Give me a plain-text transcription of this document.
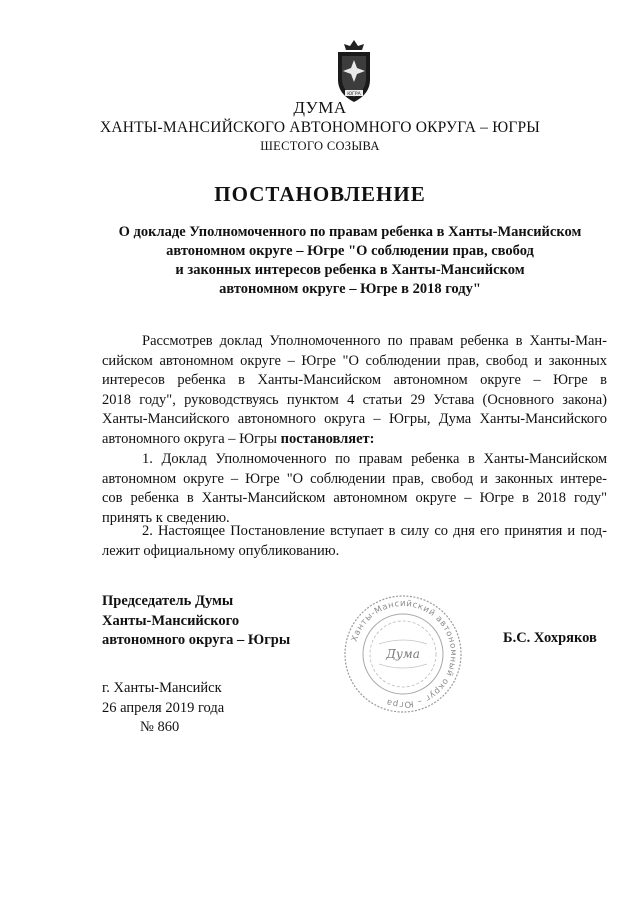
ЮГРА

ДУМА

ХАНТЫ-МАНСИЙСКОГО АВТОНОМНОГО ОКРУГА – ЮГРЫ

ШЕСТОГО СОЗЫВА

ПОСТАНОВЛЕНИЕ

О докладе Уполномоченного по правам ребенка в Ханты-Мансийском
автономном округе – Югре "О соблюдении прав, свобод
и законных интересов ребенка в Ханты-Мансийском
автономном округе – Югре в 2018 году"
Рассмотрев доклад Уполномоченного по правам ребенка в Ханты-Ман-
сийском автономном округе – Югре "О соблюдении прав, свобод и законных
интересов ребенка в Ханты-Мансийском автономном округе – Югре в
2018 году", руководствуясь пунктом 4 статьи 29 Устава (Основного закона)
Ханты-Мансийского автономного округа – Югры, Дума Ханты-Мансийского
автономного округа – Югры постановляет:
1. Доклад Уполномоченного по правам ребенка в Ханты-Мансийском
автономном округе – Югре "О соблюдении прав, свобод и законных интере-
сов ребенка в Ханты-Мансийском автономном округе – Югре в 2018 году"
принять к сведению.
2. Настоящее Постановление вступает в силу со дня его принятия и под-
лежит официальному опубликованию.
Председатель Думы
Ханты-Мансийского
автономного округа – Югры	Ханты-Мансийский автономный округ – Югра
Дума
Б.С. Хохряков
г. Ханты-Мансийск
26 апреля 2019 года
№ 860
